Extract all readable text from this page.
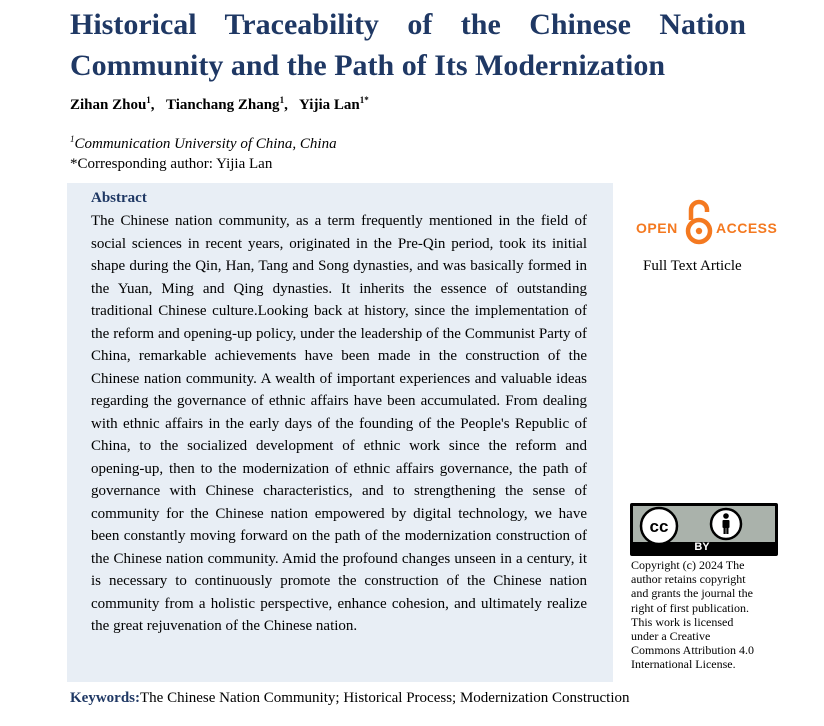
Historical Traceability of the Chinese Nation
Community and the Path of Its Modernization
Zihan Zhou$^1$, Tianchang Zhang$^1$, Yijia Lan$^{1*}$
$^1$Communication University of China, China
*Corresponding author: Yijia Lan
Abstract

The Chinese nation community, as a term frequently mentioned in the field of social sciences in recent years, originated in the Pre-Qin period, took its initial shape during the Qin, Han, Tang and Song dynasties, and was basically formed in the Yuan, Ming and Qing dynasties. It inherits the essence of outstanding traditional Chinese culture.Looking back at history, since the implementation of the reform and opening-up policy, under the leadership of the Communist Party of China, remarkable achievements have been made in the construction of the Chinese nation community. A wealth of important experiences and valuable ideas regarding the governance of ethnic affairs have been accumulated. From dealing with ethnic affairs in the early days of the founding of the People's Republic of China, to the socialized development of ethnic work since the reform and opening-up, then to the modernization of ethnic affairs governance, the path of governance with Chinese characteristics, and to strengthening the sense of community for the Chinese nation empowered by digital technology, we have been constantly moving forward on the path of the modernization construction of the Chinese nation community. Amid the profound changes unseen in a century, it is necessary to continuously promote the construction of the Chinese nation community from a holistic perspective, enhance cohesion, and ultimately realize the great rejuvenation of the Chinese nation.

OPEN	ACCESS
Full Text Article
cc
BY
Copyright (c) 2024 The
author retains copyright
and grants the journal the
right of first publication.
This work is licensed
under a Creative
Commons Attribution 4.0
International License.
Keywords:The Chinese Nation Community; Historical Process; Modernization Construction
